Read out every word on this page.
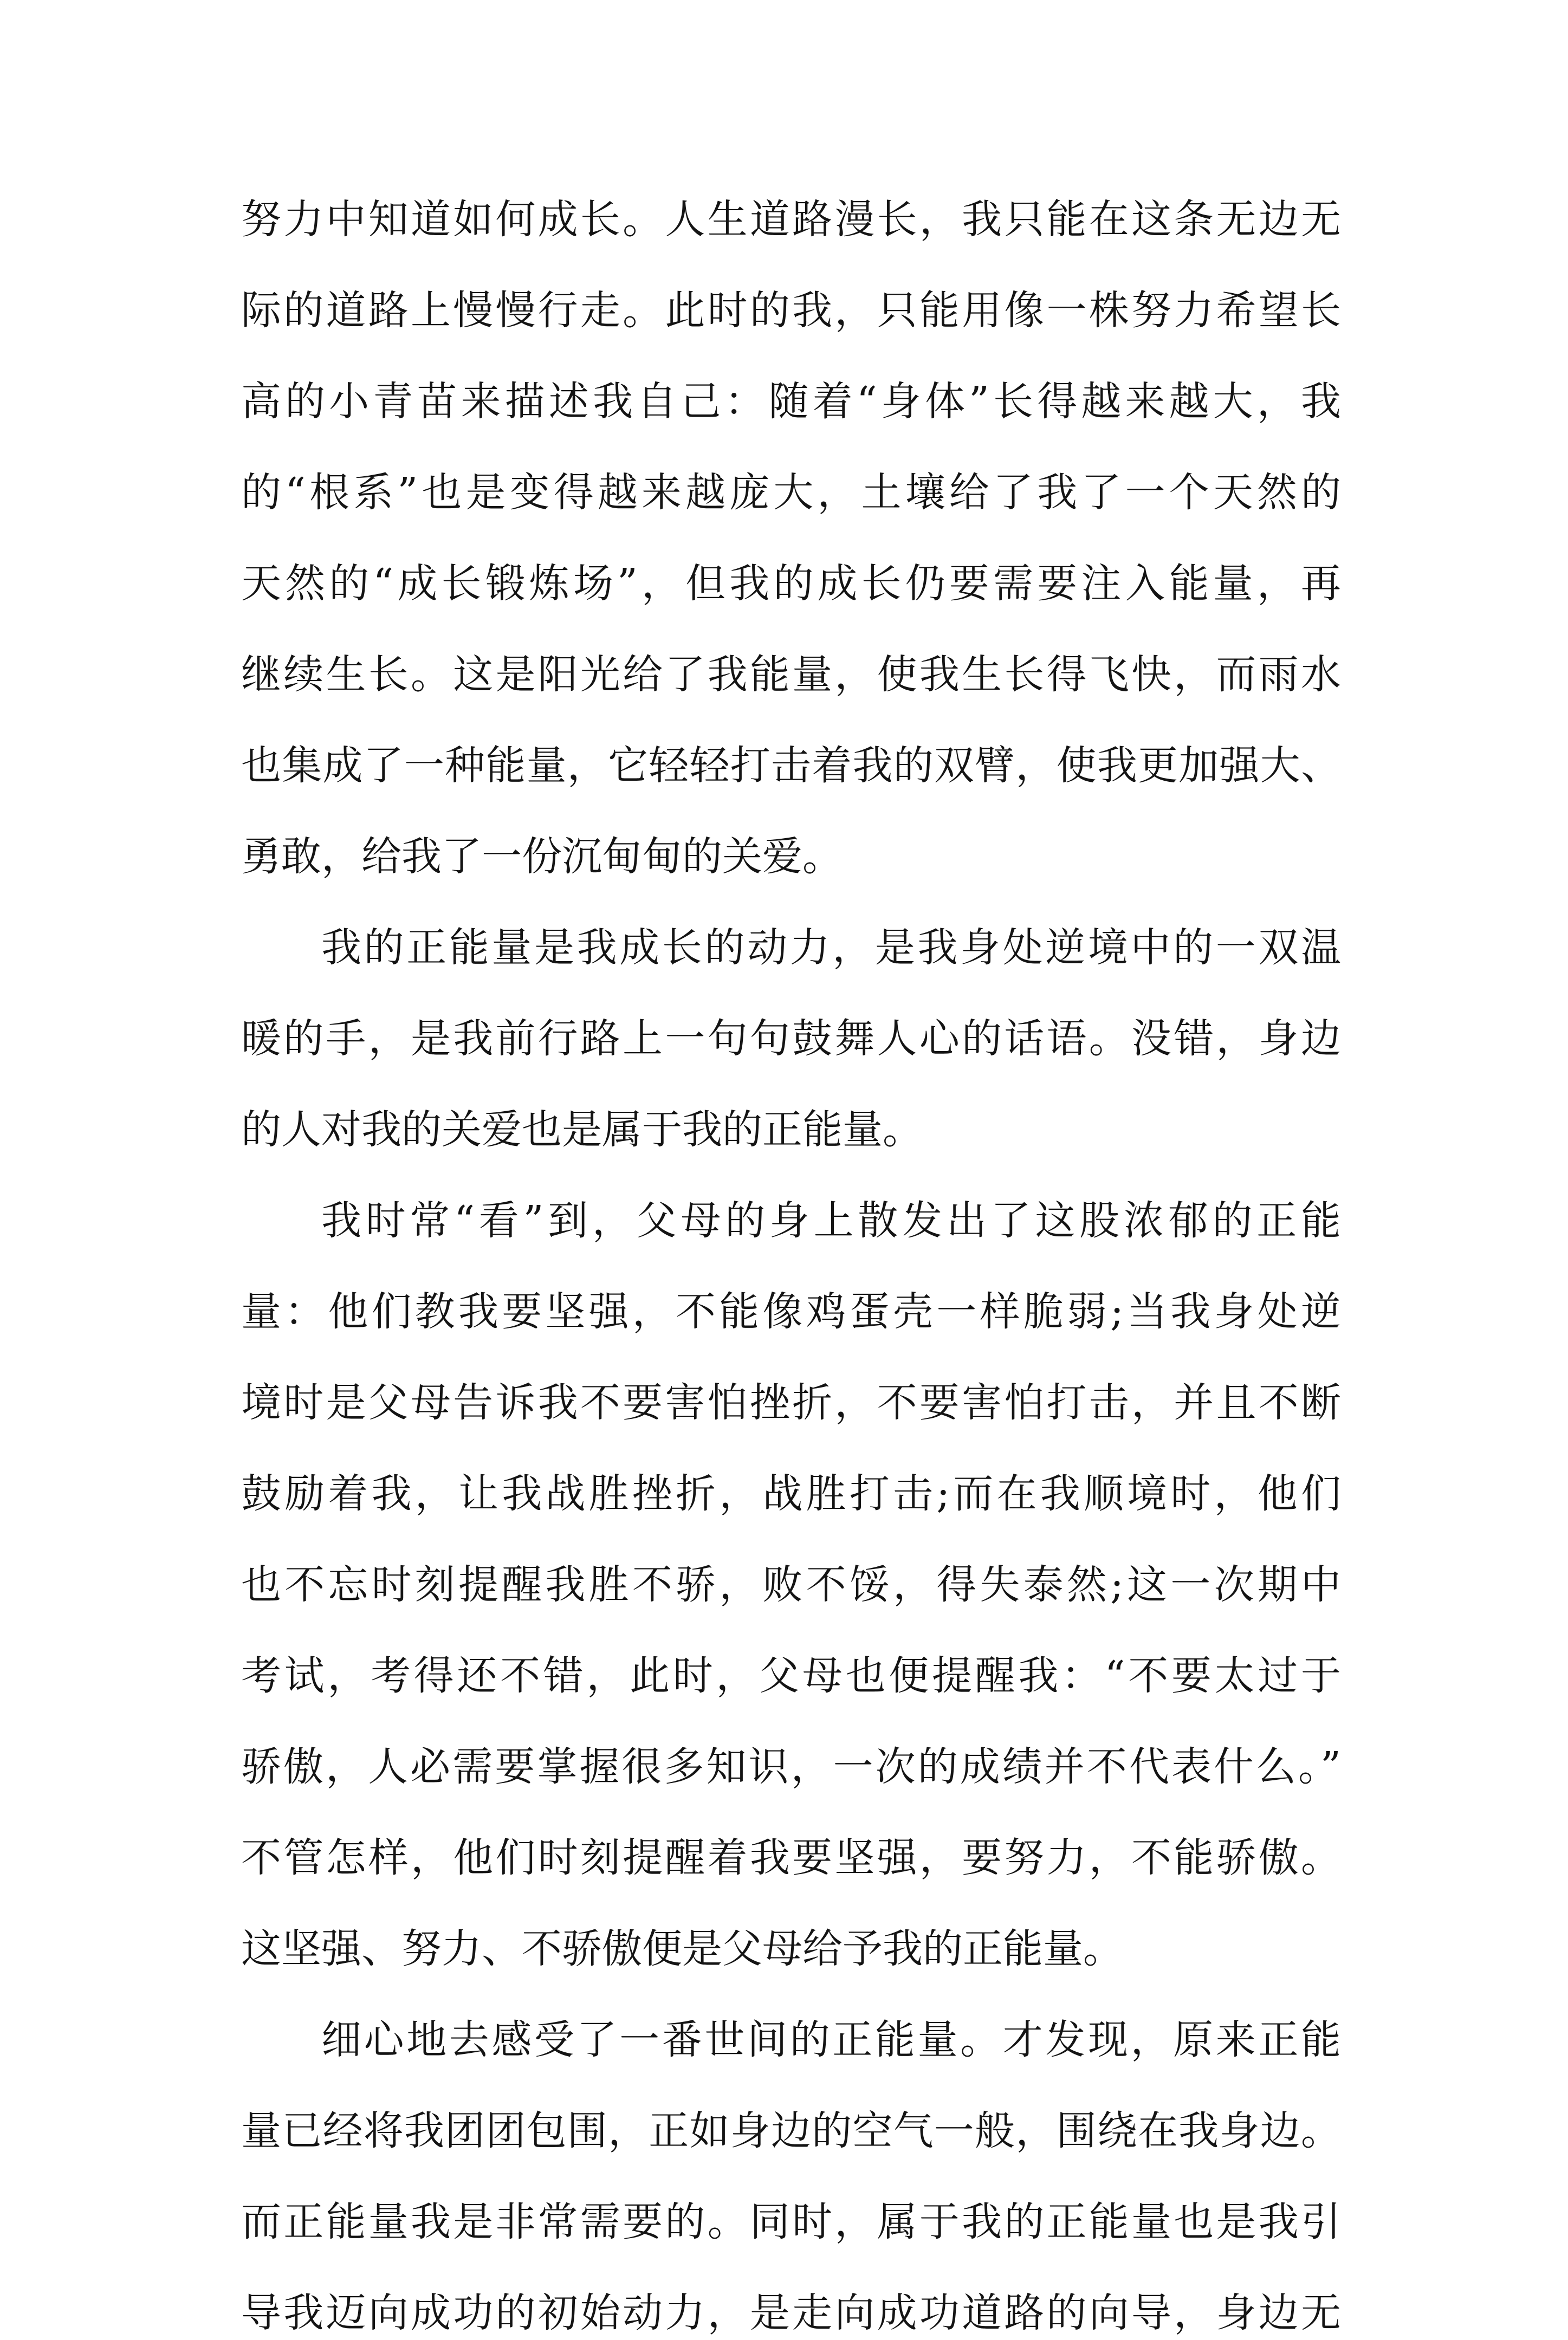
努力中知道如何成长。人生道路漫长，我只能在这条无边无
际的道路上慢慢行走。此时的我，只能用像一株努力希望长
高的小青苗来描述我自己：随着“身体”长得越来越大，我
的“根系”也是变得越来越庞大，土壤给了我了一个天然的
天然的“成长锻炼场”，但我的成长仍要需要注入能量，再
继续生长。这是阳光给了我能量，使我生长得飞快，而雨水
也集成了一种能量，它轻轻打击着我的双臂，使我更加强大、
勇敢，给我了一份沉甸甸的关爱。
我的正能量是我成长的动力，是我身处逆境中的一双温
暖的手，是我前行路上一句句鼓舞人心的话语。没错，身边
的人对我的关爱也是属于我的正能量。
我时常“看”到，父母的身上散发出了这股浓郁的正能
量：他们教我要坚强，不能像鸡蛋壳一样脆弱;当我身处逆
境时是父母告诉我不要害怕挫折，不要害怕打击，并且不断
鼓励着我，让我战胜挫折，战胜打击;而在我顺境时，他们
也不忘时刻提醒我胜不骄，败不馁，得失泰然;这一次期中
考试，考得还不错，此时，父母也便提醒我：“不要太过于
骄傲，人必需要掌握很多知识，一次的成绩并不代表什么。”
不管怎样，他们时刻提醒着我要坚强，要努力，不能骄傲。
这坚强、努力、不骄傲便是父母给予我的正能量。
细心地去感受了一番世间的正能量。才发现，原来正能
量已经将我团团包围，正如身边的空气一般，围绕在我身边。
而正能量我是非常需要的。同时，属于我的正能量也是我引
导我迈向成功的初始动力，是走向成功道路的向导，身边无
